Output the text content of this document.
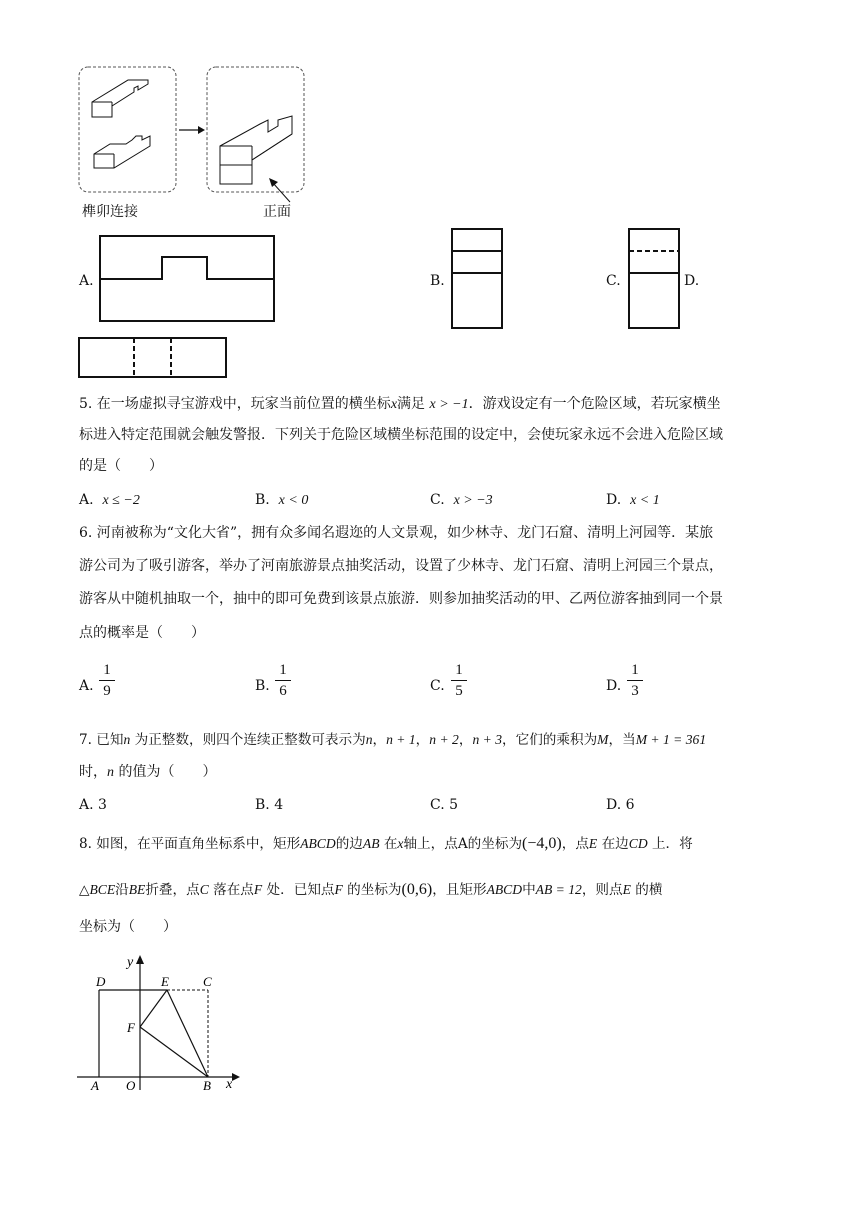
榫卯连接	正面
A.	B.	C.	D.
5. 在一场虚拟寻宝游戏中，玩家当前位置的横坐标x满足 x > −1．游戏设定有一个危险区域，若玩家横坐
标进入特定范围就会触发警报．下列关于危险区域横坐标范围的设定中，会使玩家永远不会进入危险区域
的是（　　）
A. x ≤ −2	B. x < 0	C. x > −3	D. x < 1
6. 河南被称为“文化大省”，拥有众多闻名遐迩的人文景观，如少林寺、龙门石窟、清明上河园等．某旅
游公司为了吸引游客，举办了河南旅游景点抽奖活动，设置了少林寺、龙门石窟、清明上河园三个景点，
游客从中随机抽取一个，抽中的即可免费到该景点旅游．则参加抽奖活动的甲、乙两位游客抽到同一个景
点的概率是（　　）
A.
1
9	B.
1
6	C.
1
5	D.
1
3
7. 已知n 为正整数，则四个连续正整数可表示为n，n + 1，n + 2，n + 3，它们的乘积为M，当M + 1 = 361
时，n 的值为（　　）
A. 3	B. 4	C. 5	D. 6
8. 如图，在平面直角坐标系中，矩形ABCD的边AB 在x轴上，点A的坐标为(−4,0)，点E 在边CD 上．将
△BCE沿BE折叠，点C 落在点F 处．已知点F 的坐标为(0,6)，且矩形ABCD中AB = 12，则点E 的横
坐标为（　　）
y
x
D	E	C
F
A O	B
